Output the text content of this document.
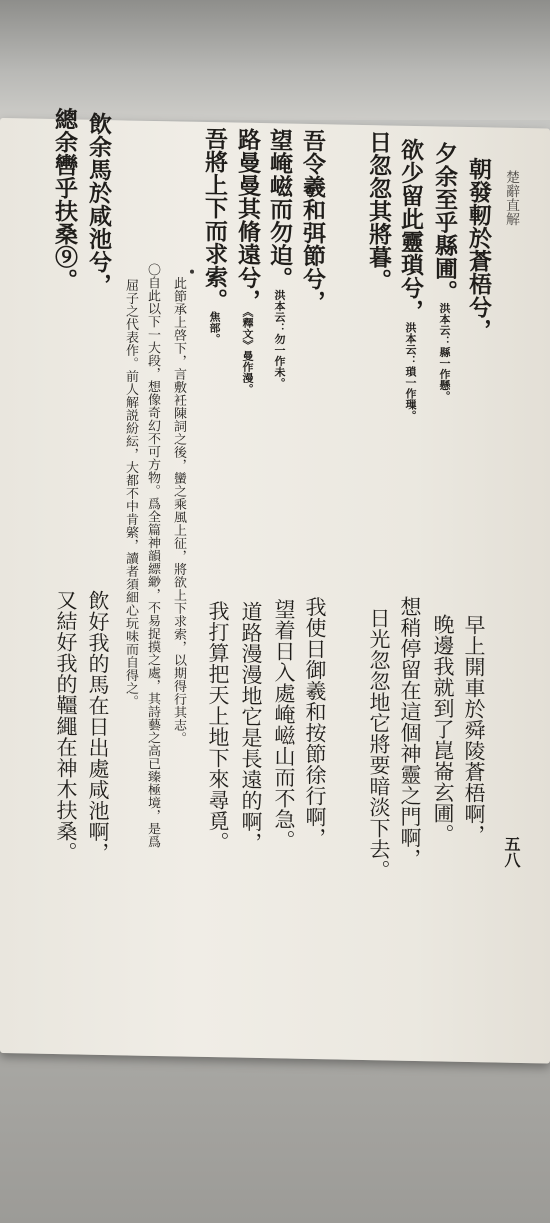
楚辭直解
五八
朝發軔於蒼梧兮，
夕余至乎縣圃。洪本云：縣一作懸。
欲少留此靈瑣兮，洪本云：瑣一作璅。
日忽忽其將暮。
吾令羲和弭節兮，
望崦嵫而勿迫。洪本云：勿一作未。
路曼曼其脩遠兮，《釋文》曼作漫。
吾將上下而求索。焦部。
此節承上啓下，言敷衽陳詞之後，蠻之乘風上征，將欲上下求索，以期得行其志。
〇自此以下一大段，想像奇幻不可方物。爲全篇神韻縹緲，不易捉摸之處，其詩藝之高已臻極境，是爲
屈子之代表作。前人解説紛紜，大都不中肯綮，讀者須細心玩味而自得之。
飲余馬於咸池兮，
總余轡乎扶桑⑨。
早上開車於舜陵蒼梧啊，
晚邊我就到了崑崙玄圃。
想稍停留在這個神靈之門啊，
日光忽忽地它將要暗淡下去。
我使日御羲和按節徐行啊，
望着日入處崦嵫山而不急。
道路漫漫地它是長遠的啊，
我打算把天上地下來尋覓。
飲好我的馬在日出處咸池啊，
又結好我的韁繩在神木扶桑。
